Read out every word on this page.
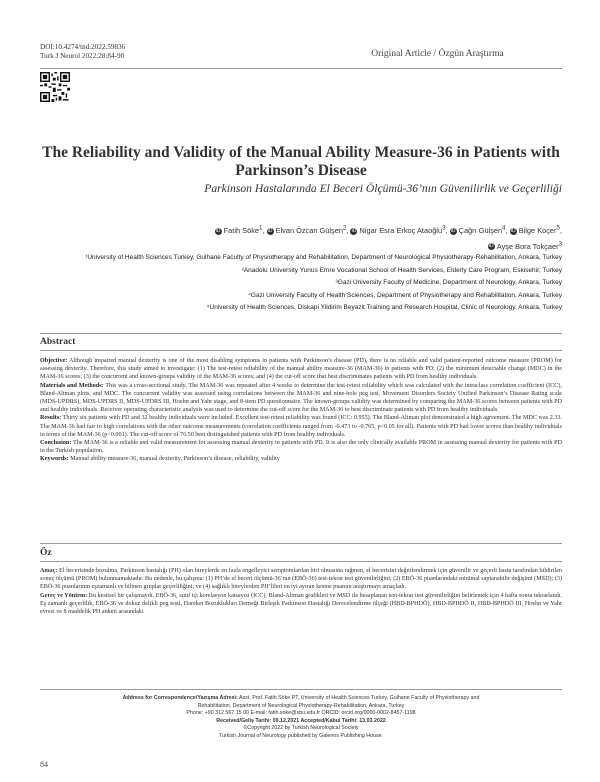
DOI:10.4274/tnd.2022.59836
Turk J Neurol 2022;28:84-90	Original Article / Özgün Araştırma
The Reliability and Validity of the Manual Ability Measure-36 in Patients with Parkinson’s Disease
Parkinson Hastalarında El Beceri Ölçümü-36’nın Güvenilirlik ve Geçerliliği
iD Fatih Söke$^1$, iD Elvan Özcan Gülşen$^2$, iD Nigar Esra Erkoç Ataoğlu$^3$, iD Çağrı Gülşen$^4$, iD Bilge Koçer$^5$,
iD Ayşe Bora Tokçaer$^3$

¹University of Health Sciences Turkey, Gulhane Faculty of Physiotherapy and Rehabilitation, Department of Neurological Physiotherapy-Rehabilitation, Ankara, Turkey

²Anadolu University Yunus Emre Vocational School of Health Services, Elderly Care Program, Eskisehir, Turkey

³Gazi University Faculty of Medicine, Department of Neurology, Ankara, Turkey

⁴Gazi University Faculty of Health Sciences, Department of Physiotherapy and Rehabilitation, Ankara, Turkey

⁵University of Health Sciences, Diskapi Yildirim Beyazit Training and Research Hospital, Clinic of Neurology, Ankara, Turkey

Abstract

Objective: Although impaired manual dexterity is one of the most disabling symptoms in patients with Parkinson’s disease (PD), there is no reliable and valid patient-reported outcome measure (PROM) for assessing dexterity. Therefore, this study aimed to investigate: (1) The test-retest reliability of the manual ability measure-36 (MAM-36) in patients with PD; (2) the minimum detectable change (MDC) in the MAM-36 scores; (3) the concurrent and known-groups validity of the MAM-36 scores; and (4) the cut-off score that best discriminates patients with PD from healthy individuals.

Materials and Methods: This was a cross-sectional study. The MAM-36 was repeated after 4 weeks to determine the test-retest reliability which was calculated with the intraclass correlation coefficient (ICC), Bland-Altman plots, and MDC. The concurrent validity was assessed using correlations between the MAM-36 and nine-hole peg test, Movement Disorders Society Unified Parkinson’s Disease Rating scale (MDS-UPDRS), MDS-UPDRS II, MDS-UPDRS III, Hoehn and Yahr stage, and 8-item PD questionnaire. The known-groups validity was determined by comparing the MAM-36 scores between patients with PD and healthy individuals. Receiver operating characteristic analysis was used to determine the cut-off score for the MAM-36 to best discriminate patients with PD from healthy individuals.

Results: Thirty six patients with PD and 32 healthy individuals were included. Excellent test-retest reliability was found (ICC: 0.955). The Bland-Altman plot demonstrated a high agreement. The MDC was 2.33. The MAM-36 had fair to high correlations with the other outcome measurements (correlation coefficients ranged from -0.473 to -0.765, p<0.05 for all). Patients with PD had lower scores than healthy individuals in terms of the MAM-36 (p<0.001). The cut-off score of 76.50 best distinguished patients with PD from healthy individuals.

Conclusion: The MAM-36 is a reliable and valid measurement for assessing manual dexterity in patients with PD. It is also the only clinically available PROM in assessing manual dexterity for patients with PD in the Turkish population.

Keywords: Manual ability measure-36, manual dexterity, Parkinson’s disease, reliability, validity

Öz

Amaç: El becerisinde bozulma, Parkinson hastalığı (PH) olan bireylerde en fazla engelleyici semptomlardan biri olmasına rağmen, el becerisini değerlendirmek için güvenilir ve geçerli hasta tarafından bildirilen sonuç ölçümü (PROM) bulunmamaktadır. Bu nedenle, bu çalışma: (1) PH’de el beceri ölçümü-36’nın (EBÖ-36) test-tekrar test güvenilirliğini; (2) EBÖ-36 puanlarındaki minimal saptanabilir değişimi (MSD); (3) EBÖ-36 puanlarının eşzamanlı ve bilinen gruplar geçerliliğini; ve (4) sağlıklı bireylerden PH’lileri en iyi ayıran kesme puanını araştırmayı amaçladı.

Gereç ve Yöntem: Bu kesitsel bir çalışmaydı. EBÖ-36, sınıf içi korelasyon katsayısı (ICC), Bland-Altman grafikleri ve MSD ile hesaplanan test-tekrar test güvenilirliğini belirlemek için 4 hafta sonra tekrarlandı. Eş zamanlı geçerlilik, EBÖ-36 ve dokuz delikli peg testi, Hareket Bozuklukları Derneği Birleşik Parkinson Hastalığı Derecelendirme ölçeği (HBD-BPHDÖ), HBD-BPHDÖ II, HBD-BPHDÖ III, Hoehn ve Yahr evresi ve 8 maddelik PH anketi arasındaki

Address for Correspondence/Yazışma Adresi: Asst. Prof. Fatih Söke PT, University of Health Sciences Turkey, Gulhane Faculty of Physiotherapy and

Rehabilitation, Department of Neurological Physiotherapy-Rehabilitation, Ankara, Turkey

Phone: +90 312 567 15 00 E-mail: fatih.soke@sbu.edu.tr ORCID: orcid.org/0000-0002-8457-1198

Received/Geliş Tarihi: 09.12.2021 Accepted/Kabul Tarihi: 13.03.2022

©Copyright 2022 by Turkish Neurological Society

Turkish Journal of Neurology published by Galenos Publishing House.

84
